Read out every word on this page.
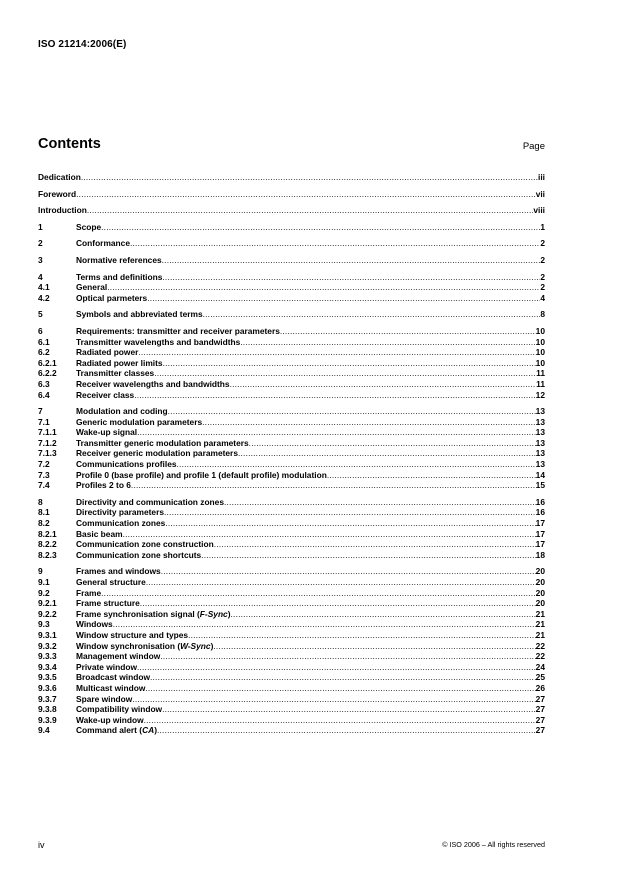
ISO 21214:2006(E)
Contents	Page
Dedication .....	iii
Foreword .....	vii
Introduction .....	viii
1	Scope .....	1
2	Conformance .....	2
3	Normative references .....	2
4	Terms and definitions .....	2
4.1	General .....	2
4.2	Optical parmeters .....	4
5	Symbols and abbreviated terms .....	8
6	Requirements: transmitter and receiver parameters .....	10
6.1	Transmitter wavelengths and bandwidths .....	10
6.2	Radiated power .....	10
6.2.1	Radiated power limits .....	10
6.2.2	Transmitter classes .....	11
6.3	Receiver wavelengths and bandwidths .....	11
6.4	Receiver class .....	12
7	Modulation and coding .....	13
7.1	Generic modulation parameters .....	13
7.1.1	Wake-up signal .....	13
7.1.2	Transmitter generic modulation parameters .....	13
7.1.3	Receiver generic modulation parameters .....	13
7.2	Communications profiles .....	13
7.3	Profile 0 (base profile) and profile 1 (default profile) modulation .....	14
7.4	Profiles 2 to 6 .....	15
8	Directivity and communication zones .....	16
8.1	Directivity parameters .....	16
8.2	Communication zones .....	17
8.2.1	Basic beam .....	17
8.2.2	Communication zone construction .....	17
8.2.3	Communication zone shortcuts .....	18
9	Frames and windows .....	20
9.1	General structure .....	20
9.2	Frame .....	20
9.2.1	Frame structure .....	20
9.2.2	Frame synchronisation signal (F-Sync) .....	21
9.3	Windows .....	21
9.3.1	Window structure and types .....	21
9.3.2	Window synchronisation (W-Sync) .....	22
9.3.3	Management window .....	22
9.3.4	Private window .....	24
9.3.5	Broadcast window .....	25
9.3.6	Multicast window .....	26
9.3.7	Spare window .....	27
9.3.8	Compatibility window .....	27
9.3.9	Wake-up window .....	27
9.4	Command alert (CA) .....	27
iv	© ISO 2006 – All rights reserved
